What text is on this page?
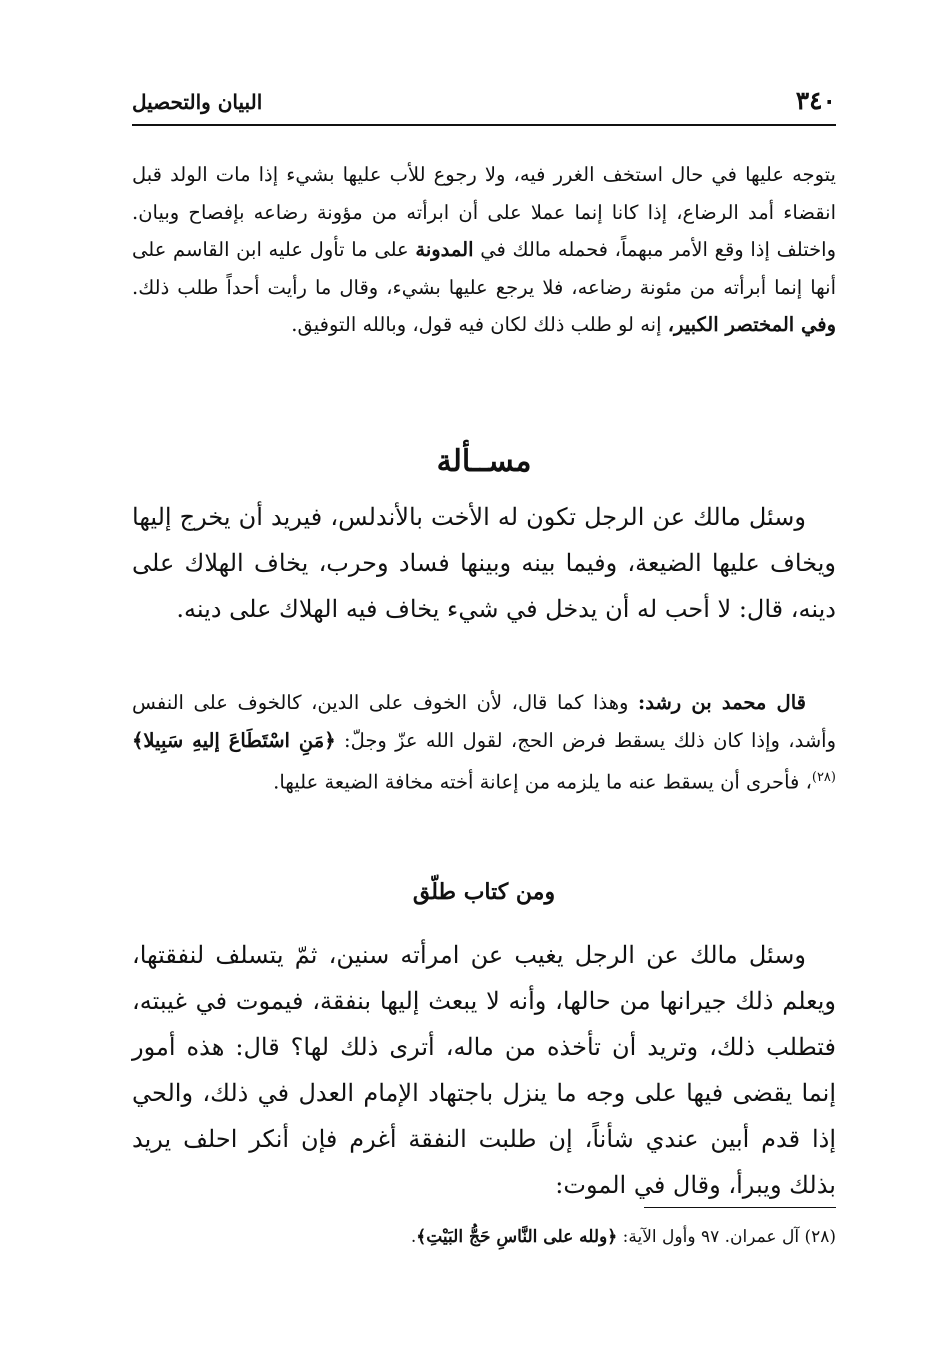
٣٤٠
البيان والتحصيل

يتوجه عليها في حال استخف الغرر فيه، ولا رجوع للأب عليها بشيء إذا مات الولد قبل انقضاء أمد الرضاع، إذا كانا إنما عملا على أن ابرأته من مؤونة رضاعه بإفصاح وبيان. واختلف إذا وقع الأمر مبهماً، فحمله مالك في المدونة على ما تأول عليه ابن القاسم على أنها إنما أبرأته من مئونة رضاعه، فلا يرجع عليها بشيء، وقال ما رأيت أحداً طلب ذلك. وفي المختصر الكبير، إنه لو طلب ذلك لكان فيه قول، وبالله التوفيق.

مســألة

وسئل مالك عن الرجل تكون له الأخت بالأندلس، فيريد أن يخرج إليها ويخاف عليها الضيعة، وفيما بينه وبينها فساد وحرب، يخاف الهلاك على دينه، قال: لا أحب له أن يدخل في شيء يخاف فيه الهلاك على دينه.

قال محمد بن رشد: وهذا كما قال، لأن الخوف على الدين، كالخوف على النفس وأشد، وإذا كان ذلك يسقط فرض الحج، لقول الله عزّ وجلّ: ﴿مَنِ اسْتَطَاعَ إليهِ سَبِيلا﴾$^{(٢٨)}$، فأحرى أن يسقط عنه ما يلزمه من إعانة أخته مخافة الضيعة عليها.

ومن كتاب طلّق

وسئل مالك عن الرجل يغيب عن امرأته سنين، ثمّ يتسلف لنفقتها، ويعلم ذلك جيرانها من حالها، وأنه لا يبعث إليها بنفقة، فيموت في غيبته، فتطلب ذلك، وتريد أن تأخذه من ماله، أترى ذلك لها؟ قال: هذه أمور إنما يقضى فيها على وجه ما ينزل باجتهاد الإمام العدل في ذلك، والحي إذا قدم أبين عندي شأناً، إن طلبت النفقة أغرم فإن أنكر احلف يريد بذلك ويبرأ، وقال في الموت:

(٢٨) آل عمران. ٩٧ وأول الآية: ﴿ولله على النَّاسِ حَجُّ البَيْتِ﴾.
